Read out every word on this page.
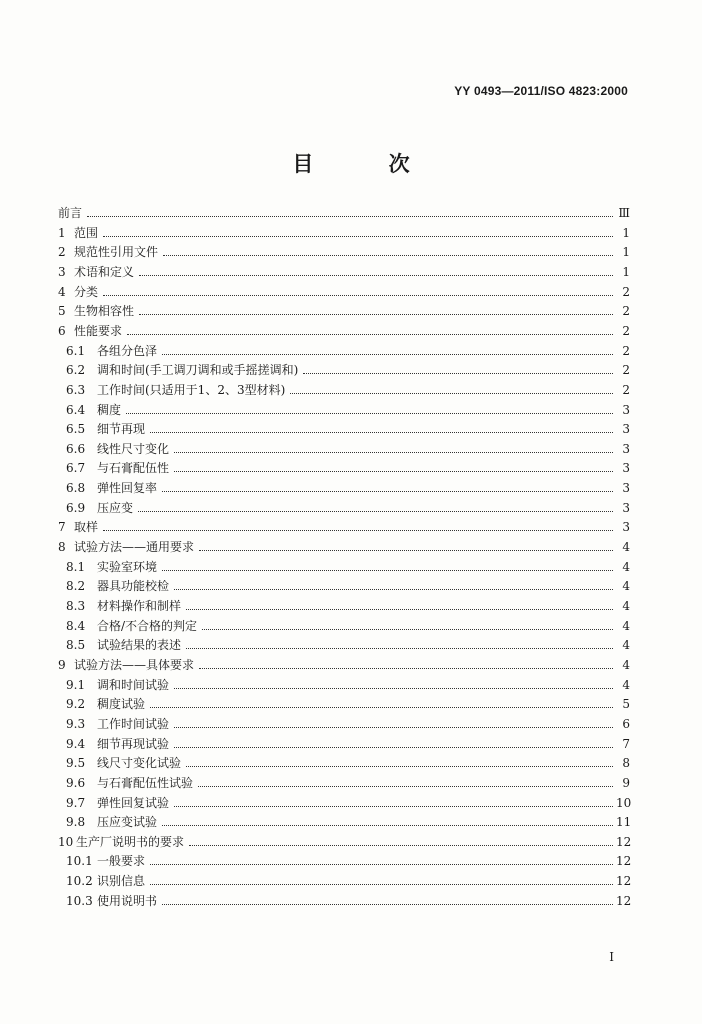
YY 0493—2011/ISO 4823:2000
目 次
前言	Ⅲ
1 范围	1
2 规范性引用文件	1
3 术语和定义	1
4 分类	2
5 生物相容性	2
6 性能要求	2
6.1 各组分色泽	2
6.2 调和时间(手工调刀调和或手摇搓调和)	2
6.3 工作时间(只适用于1、2、3型材料)	2
6.4 稠度	3
6.5 细节再现	3
6.6 线性尺寸变化	3
6.7 与石膏配伍性	3
6.8 弹性回复率	3
6.9 压应变	3
7 取样	3
8 试验方法——通用要求	4
8.1 实验室环境	4
8.2 器具功能校检	4
8.3 材料操作和制样	4
8.4 合格/不合格的判定	4
8.5 试验结果的表述	4
9 试验方法——具体要求	4
9.1 调和时间试验	4
9.2 稠度试验	5
9.3 工作时间试验	6
9.4 细节再现试验	7
9.5 线尺寸变化试验	8
9.6 与石膏配伍性试验	9
9.7 弹性回复试验	10
9.8 压应变试验	11
10 生产厂说明书的要求	12
10.1 一般要求	12
10.2 识别信息	12
10.3 使用说明书	12
I
